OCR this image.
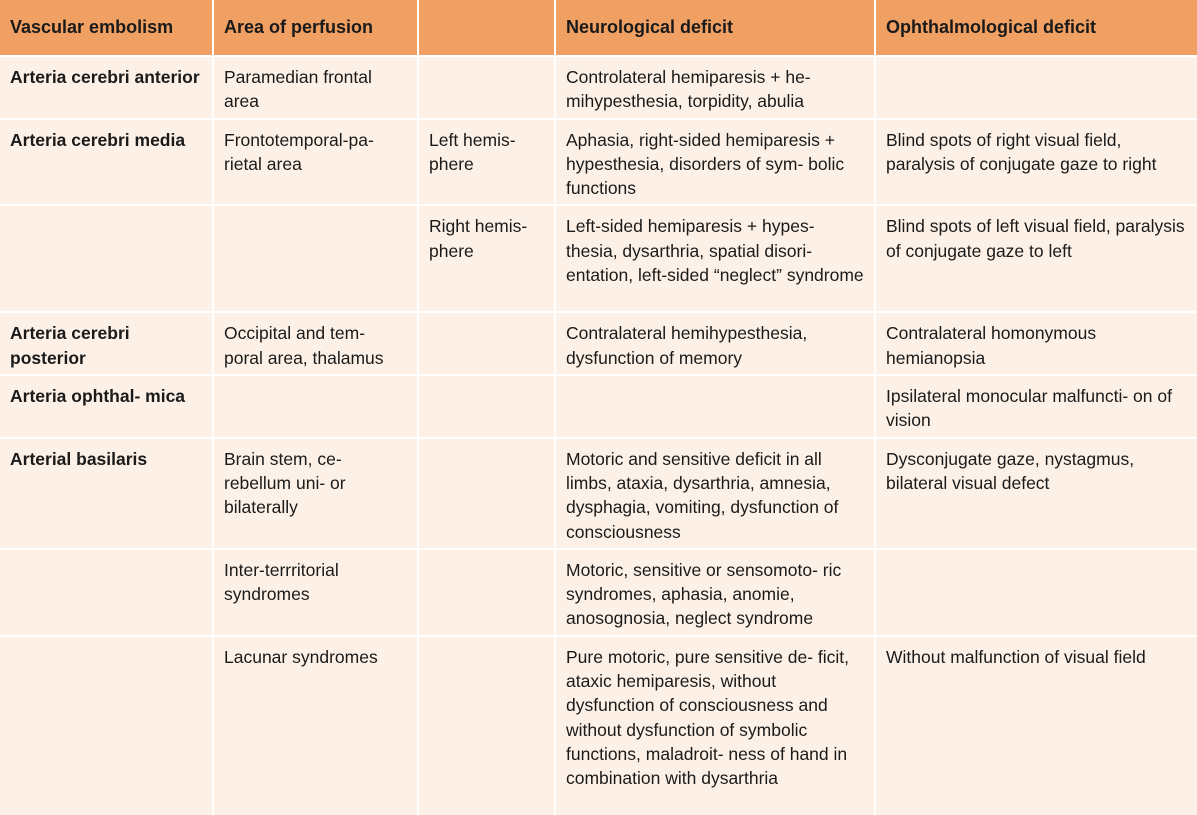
Vascular embolism	Area of perfusion		Neurological deficit	Ophthalmological deficit
Arteria cerebri anterior	Paramedian frontal area		Controlateral hemiparesis + he- mihypesthesia, torpidity, abulia	
Arteria cerebri media	Frontotemporal-pa- rietal area	Left hemis- phere	Aphasia, right-sided hemiparesis + hypesthesia, disorders of sym- bolic functions	Blind spots of right visual field, paralysis of conjugate gaze to right
		Right hemis- phere	Left-sided hemiparesis + hypes- thesia, dysarthria, spatial disori- entation, left-sided “neglect” syndrome	Blind spots of left visual field, paralysis of conjugate gaze to left
Arteria cerebri posterior	Occipital and tem- poral area, thalamus		Contralateral hemihypesthesia, dysfunction of memory	Contralateral homonymous hemianopsia
Arteria ophthal- mica				Ipsilateral monocular malfuncti- on of vision
Arterial basilaris	Brain stem, ce- rebellum uni- or bilaterally		Motoric and sensitive deficit in all limbs, ataxia, dysarthria, amnesia, dysphagia, vomiting, dysfunction of consciousness	Dysconjugate gaze, nystagmus, bilateral visual defect
	Inter-terrritorial syndromes		Motoric, sensitive or sensomoto- ric syndromes, aphasia, anomie, anosognosia, neglect syndrome	
	Lacunar syndromes		Pure motoric, pure sensitive de- ficit, ataxic hemiparesis, without dysfunction of consciousness and without dysfunction of symbolic functions, maladroit- ness of hand in combination with dysarthria	Without malfunction of visual field
